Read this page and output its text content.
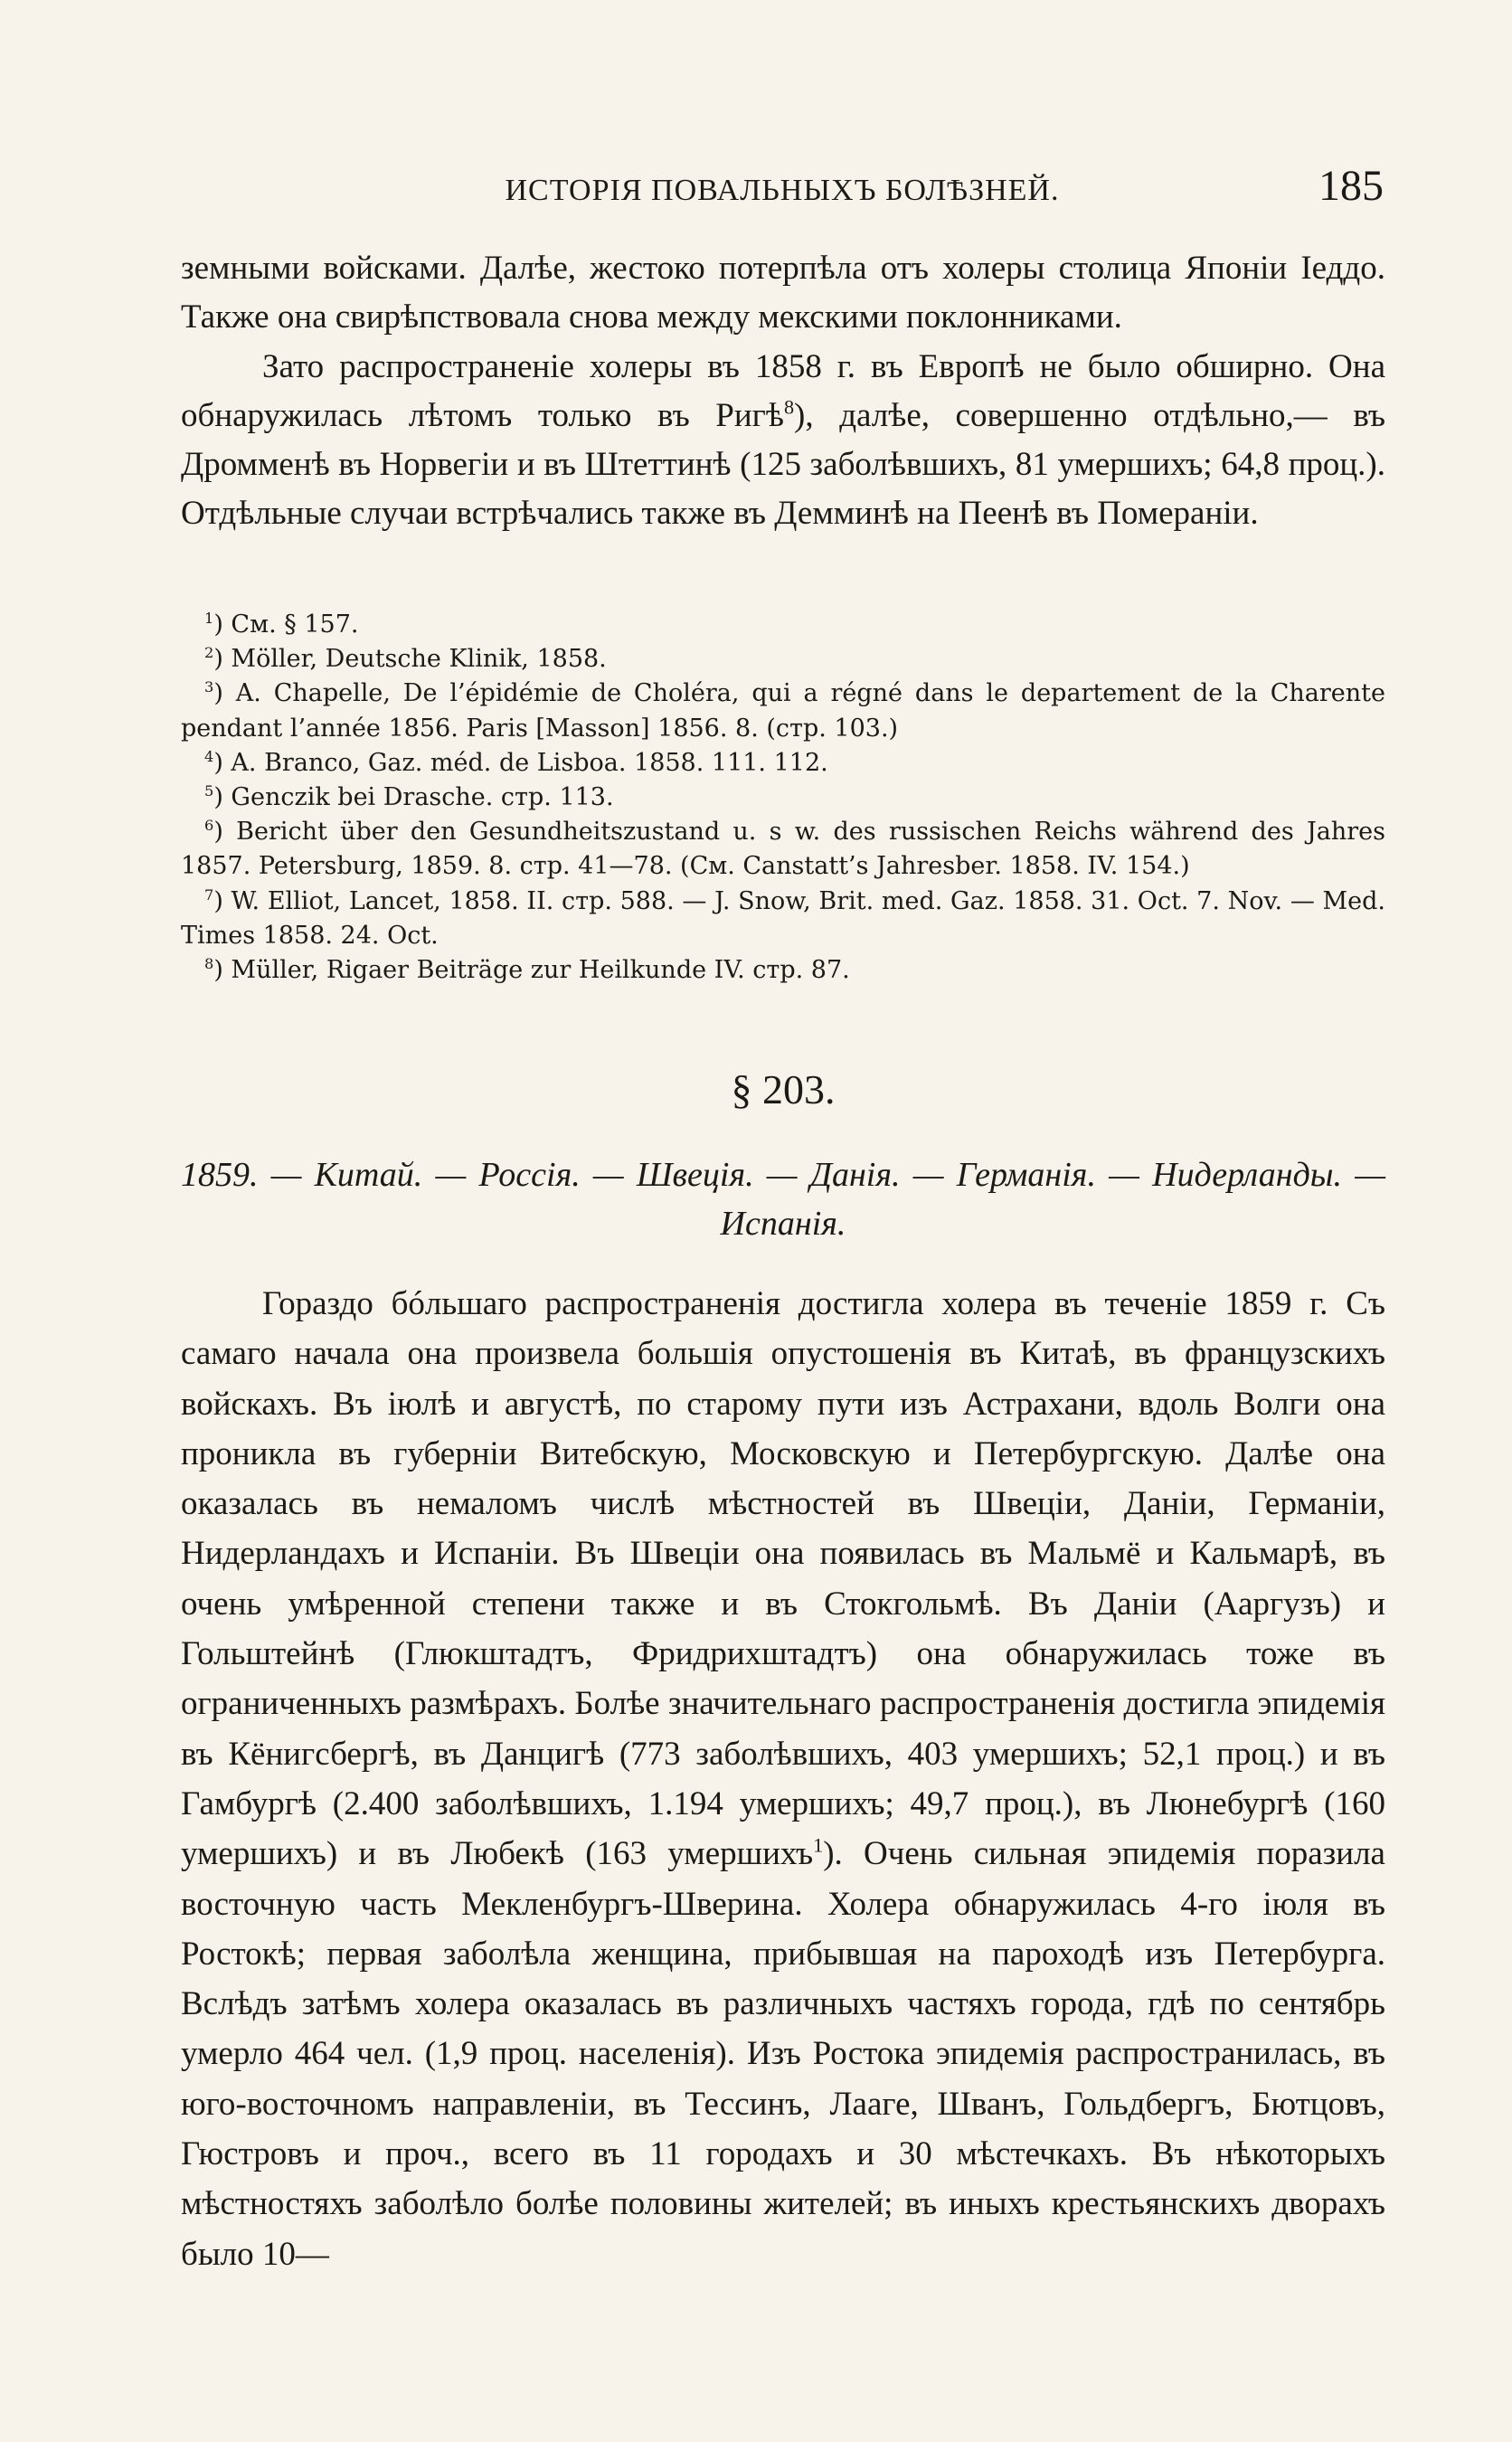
ИСТОРІЯ ПОВАЛЬНЫХЪ БОЛѢЗНЕЙ.	185

земными войсками. Далѣе, жестоко потерпѣла отъ холеры столица Японіи Іеддо. Также она свирѣпствовала снова между мекскими поклонниками.

Зато распространеніе холеры въ 1858 г. въ Европѣ не было обширно. Она обнаружилась лѣтомъ только въ Ригѣ$^8$), далѣе, совершенно отдѣльно,— въ Дромменѣ въ Норвегіи и въ Штеттинѣ (125 заболѣвшихъ, 81 умершихъ; 64,8 проц.). Отдѣльные случаи встрѣчались также въ Демминѣ на Пеенѣ въ Помераніи.

$^1$) См. § 157.

$^2$) Möller, Deutsche Klinik, 1858.

$^3$) A. Chapelle, De l’épidémie de Choléra, qui a régné dans le departement de la Charente pendant l’année 1856. Paris [Masson] 1856. 8. (стр. 103.)

$^4$) A. Branco, Gaz. méd. de Lisboa. 1858. 111. 112.

$^5$) Genczik bei Drasche. стр. 113.

$^6$) Bericht über den Gesundheitszustand u. s w. des russischen Reichs während des Jahres 1857. Petersburg, 1859. 8. стр. 41—78. (См. Canstatt’s Jahresber. 1858. IV. 154.)

$^7$) W. Elliot, Lancet, 1858. II. стр. 588. — J. Snow, Brit. med. Gaz. 1858. 31. Oct. 7. Nov. — Med. Times 1858. 24. Oct.

$^8$) Müller, Rigaer Beiträge zur Heilkunde IV. стр. 87.

§ 203.
1859. — Китай. — Россія. — Швеція. — Данія. — Германія. — Нидерланды. — Испанія.

Гораздо бóльшаго распространенія достигла холера въ теченіе 1859 г. Съ самаго начала она произвела большія опустошенія въ Китаѣ, въ французскихъ войскахъ. Въ іюлѣ и августѣ, по старому пути изъ Астрахани, вдоль Волги она проникла въ губерніи Витебскую, Московскую и Петербургскую. Далѣе она оказалась въ немаломъ числѣ мѣстностей въ Швеціи, Даніи, Германіи, Нидерландахъ и Испаніи. Въ Швеціи она появилась въ Мальмё и Кальмарѣ, въ очень умѣренной степени также и въ Стокгольмѣ. Въ Даніи (Ааргузъ) и Гольштейнѣ (Глюкштадтъ, Фридрихштадтъ) она обнаружилась тоже въ ограниченныхъ размѣрахъ. Болѣе значительнаго распространенія достигла эпидемія въ Кёнигсбергѣ, въ Данцигѣ (773 заболѣвшихъ, 403 умершихъ; 52,1 проц.) и въ Гамбургѣ (2.400 заболѣвшихъ, 1.194 умершихъ; 49,7 проц.), въ Люнебургѣ (160 умершихъ) и въ Любекѣ (163 умершихъ$^1$). Очень сильная эпидемія поразила восточную часть Мекленбургъ-Шверина. Холера обнаружилась 4-го іюля въ Ростокѣ; первая заболѣла женщина, прибывшая на пароходѣ изъ Петербурга. Вслѣдъ затѣмъ холера оказалась въ различныхъ частяхъ города, гдѣ по сентябрь умерло 464 чел. (1,9 проц. населенія). Изъ Ростока эпидемія распространилась, въ юго-восточномъ направленіи, въ Тессинъ, Лааге, Шванъ, Гольдбергъ, Бютцовъ, Гюстровъ и проч., всего въ 11 городахъ и 30 мѣстечкахъ. Въ нѣкоторыхъ мѣстностяхъ заболѣло болѣе половины жителей; въ иныхъ крестьянскихъ дворахъ было 10—
